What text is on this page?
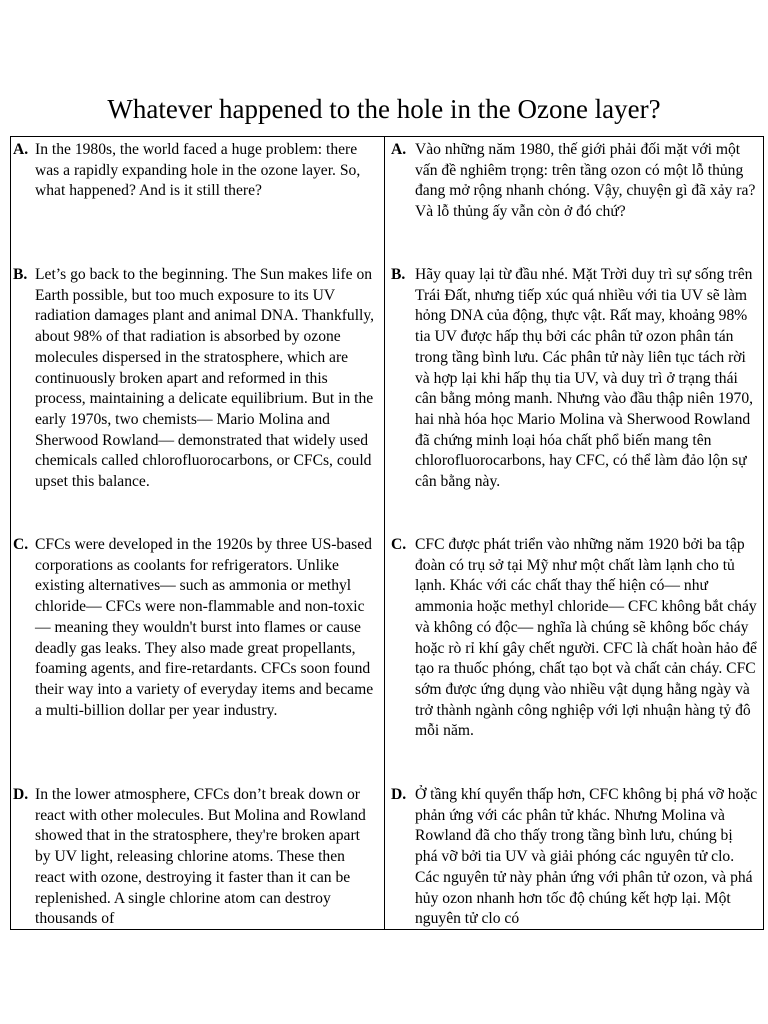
Whatever happened to the hole in the Ozone layer?
A. In the 1980s, the world faced a huge problem: there was a rapidly expanding hole in the ozone layer. So, what happened? And is it still there?
B. Let’s go back to the beginning. The Sun makes life on Earth possible, but too much exposure to its UV radiation damages plant and animal DNA. Thankfully, about 98% of that radiation is absorbed by ozone molecules dispersed in the stratosphere, which are continuously broken apart and reformed in this process, maintaining a delicate equilibrium. But in the early 1970s, two chemists— Mario Molina and Sherwood Rowland— demonstrated that widely used chemicals called chlorofluorocarbons, or CFCs, could upset this balance.
C. CFCs were developed in the 1920s by three US-based corporations as coolants for refrigerators. Unlike existing alternatives— such as ammonia or methyl chloride— CFCs were non-flammable and non-toxic— meaning they wouldn't burst into flames or cause deadly gas leaks. They also made great propellants, foaming agents, and fire-retardants. CFCs soon found their way into a variety of everyday items and became a multi-billion dollar per year industry.
D. In the lower atmosphere, CFCs don’t break down or react with other molecules. But Molina and Rowland showed that in the stratosphere, they're broken apart by UV light, releasing chlorine atoms. These then react with ozone, destroying it faster than it can be replenished. A single chlorine atom can destroy thousands of
A. Vào những năm 1980, thế giới phải đối mặt với một vấn đề nghiêm trọng: trên tầng ozon có một lỗ thủng đang mở rộng nhanh chóng. Vậy, chuyện gì đã xảy ra? Và lỗ thủng ấy vẫn còn ở đó chứ?
B. Hãy quay lại từ đầu nhé. Mặt Trời duy trì sự sống trên Trái Đất, nhưng tiếp xúc quá nhiều với tia UV sẽ làm hỏng DNA của động, thực vật. Rất may, khoảng 98% tia UV được hấp thụ bởi các phân tử ozon phân tán trong tầng bình lưu. Các phân tử này liên tục tách rời và hợp lại khi hấp thụ tia UV, và duy trì ở trạng thái cân bằng mỏng manh. Nhưng vào đầu thập niên 1970, hai nhà hóa học Mario Molina và Sherwood Rowland đã chứng minh loại hóa chất phổ biến mang tên chlorofluorocarbons, hay CFC, có thể làm đảo lộn sự cân bằng này.
C. CFC được phát triển vào những năm 1920 bởi ba tập đoàn có trụ sở tại Mỹ như một chất làm lạnh cho tủ lạnh. Khác với các chất thay thế hiện có— như ammonia hoặc methyl chloride— CFC không bắt cháy và không có độc— nghĩa là chúng sẽ không bốc cháy hoặc rò rỉ khí gây chết người. CFC là chất hoàn hảo để tạo ra thuốc phóng, chất tạo bọt và chất cản cháy. CFC sớm được ứng dụng vào nhiều vật dụng hằng ngày và trở thành ngành công nghiệp với lợi nhuận hàng tỷ đô mỗi năm.
D. Ở tầng khí quyển thấp hơn, CFC không bị phá vỡ hoặc phản ứng với các phân tử khác. Nhưng Molina và Rowland đã cho thấy trong tầng bình lưu, chúng bị phá vỡ bởi tia UV và giải phóng các nguyên tử clo. Các nguyên tử này phản ứng với phân tử ozon, và phá hủy ozon nhanh hơn tốc độ chúng kết hợp lại. Một nguyên tử clo có
